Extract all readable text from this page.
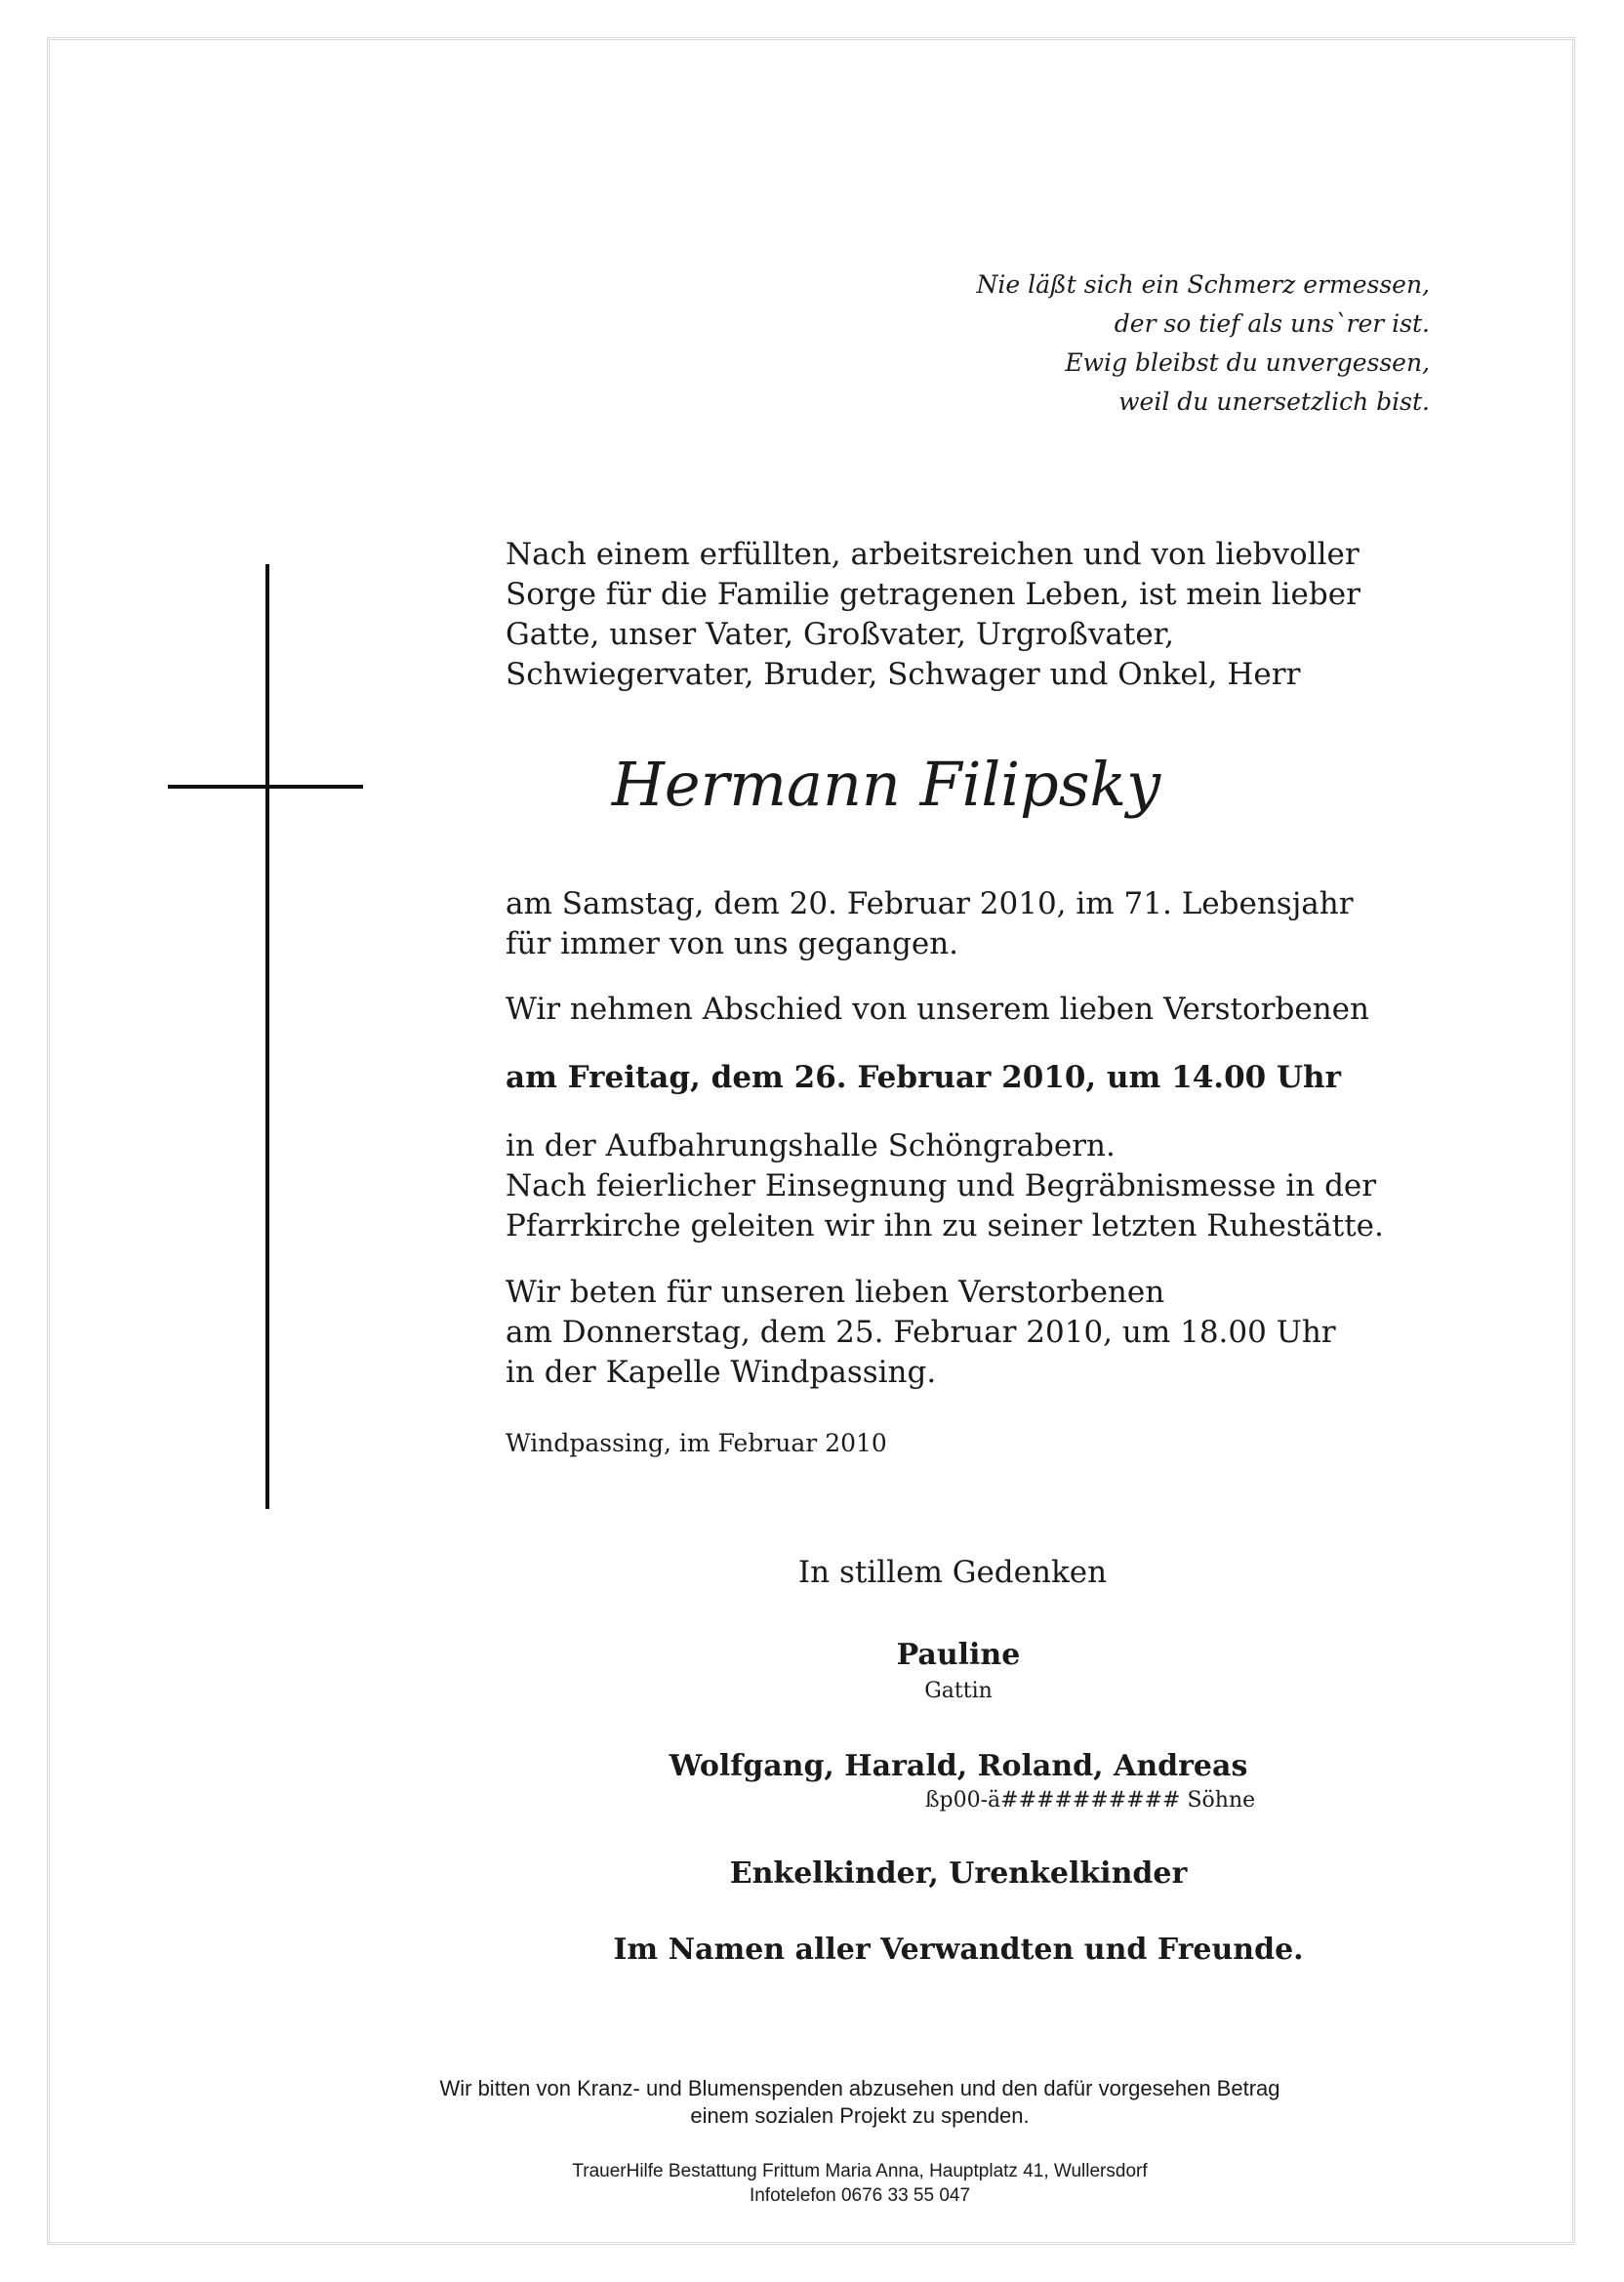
Nie läßt sich ein Schmerz ermessen,
der so tief als uns`rer ist.
Ewig bleibst du unvergessen,
weil du unersetzlich bist.
Nach einem erfüllten, arbeitsreichen und von liebvoller
Sorge für die Familie getragenen Leben, ist mein lieber
Gatte, unser Vater, Großvater, Urgroßvater,
Schwiegervater, Bruder, Schwager und Onkel, Herr
Hermann Filipsky
am Samstag, dem 20. Februar 2010, im 71. Lebensjahr
für immer von uns gegangen.
Wir nehmen Abschied von unserem lieben Verstorbenen
am Freitag, dem 26. Februar 2010, um 14.00 Uhr
in der Aufbahrungshalle Schöngrabern.
Nach feierlicher Einsegnung und Begräbnismesse in der
Pfarrkirche geleiten wir ihn zu seiner letzten Ruhestätte.
Wir beten für unseren lieben Verstorbenen
am Donnerstag, dem 25. Februar 2010, um 18.00 Uhr
in der Kapelle Windpassing.
Windpassing, im Februar 2010
In stillem Gedenken
Pauline
Gattin
Wolfgang, Harald, Roland, Andreas
ßp00-ä########## Söhne
Enkelkinder, Urenkelkinder
Im Namen aller Verwandten und Freunde.
Wir bitten von Kranz- und Blumenspenden abzusehen und den dafür vorgesehen Betrag
einem sozialen Projekt zu spenden.
TrauerHilfe Bestattung Frittum Maria Anna, Hauptplatz 41, Wullersdorf
Infotelefon 0676 33 55 047
